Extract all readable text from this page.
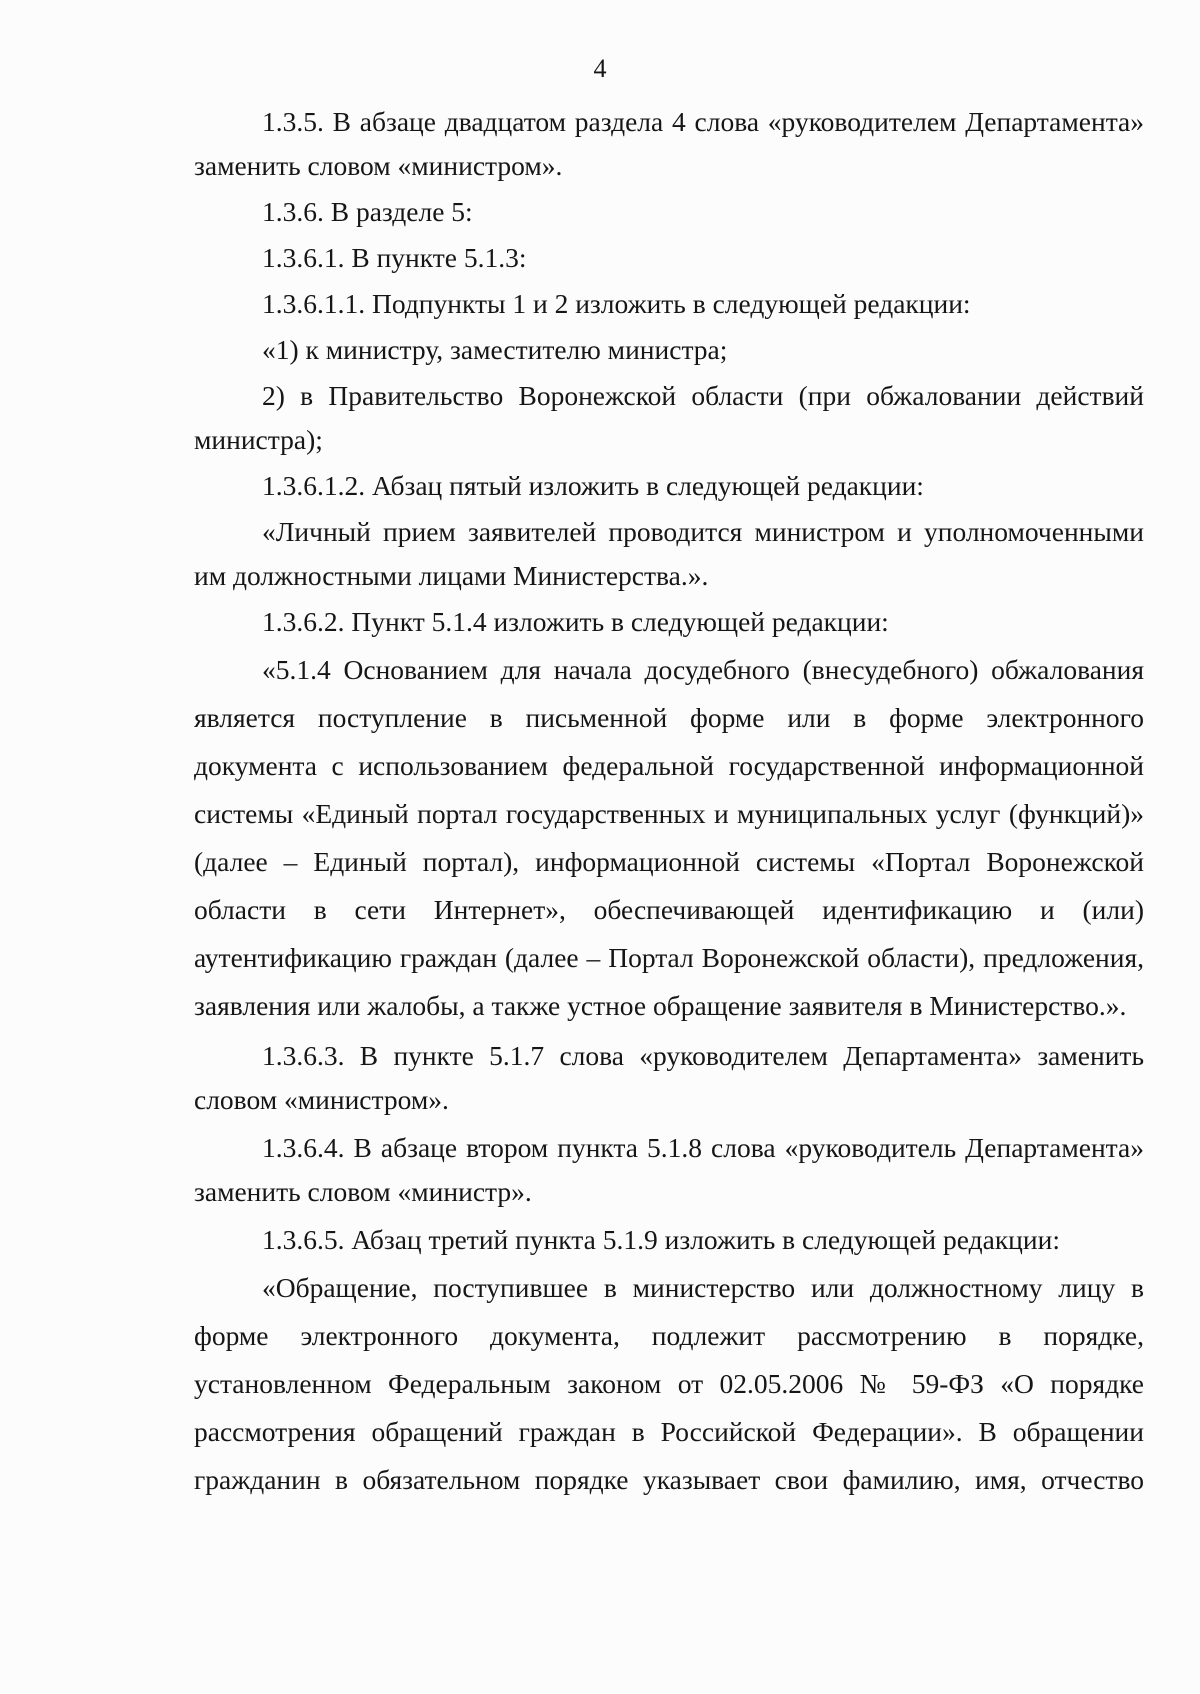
4

1.3.5. В абзаце двадцатом раздела 4 слова «руководителем Департамента» заменить словом «министром».

1.3.6. В разделе 5:

1.3.6.1. В пункте 5.1.3:

1.3.6.1.1. Подпункты 1 и 2 изложить в следующей редакции:

«1) к министру, заместителю министра;

2) в Правительство Воронежской области (при обжаловании действий министра);

1.3.6.1.2. Абзац пятый изложить в следующей редакции:

«Личный прием заявителей проводится министром и уполномоченными им должностными лицами Министерства.».

1.3.6.2. Пункт 5.1.4 изложить в следующей редакции:

«5.1.4 Основанием для начала досудебного (внесудебного) обжалования является поступление в письменной форме или в форме электронного документа с использованием федеральной государственной информационной системы «Единый портал государственных и муниципальных услуг (функций)» (далее – Единый портал), информационной системы «Портал Воронежской области в сети Интернет», обеспечивающей идентификацию и (или) аутентификацию граждан (далее – Портал Воронежской области), предложения, заявления или жалобы, а также устное обращение заявителя в Министерство.».

1.3.6.3. В пункте 5.1.7 слова «руководителем Департамента» заменить словом «министром».

1.3.6.4. В абзаце втором пункта 5.1.8 слова «руководитель Департамента» заменить словом «министр».

1.3.6.5. Абзац третий пункта 5.1.9 изложить в следующей редакции:

«Обращение, поступившее в министерство или должностному лицу в форме электронного документа, подлежит рассмотрению в порядке, установленном Федеральным законом от 02.05.2006 № 59-ФЗ «О порядке рассмотрения обращений граждан в Российской Федерации». В обращении гражданин в обязательном порядке указывает свои фамилию, имя, отчество
